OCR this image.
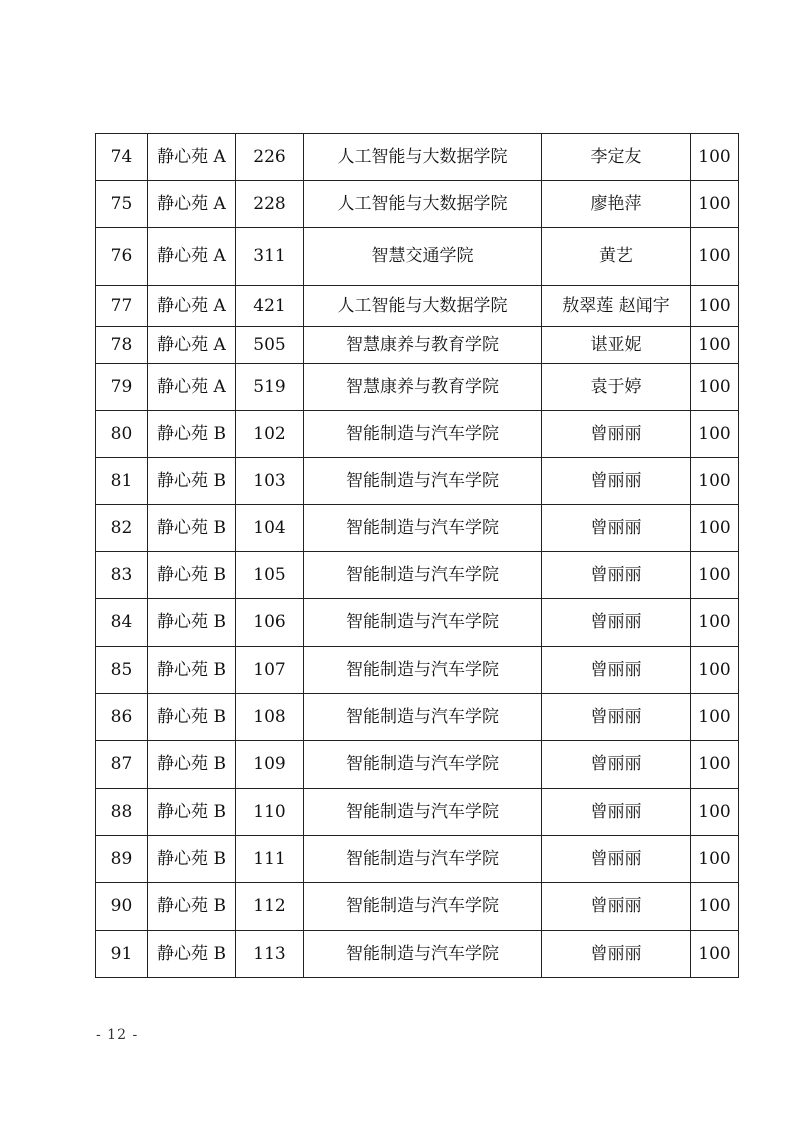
74	静心苑 A	226	人工智能与大数据学院	李定友	100
75	静心苑 A	228	人工智能与大数据学院	廖艳萍	100
76	静心苑 A	311	智慧交通学院	黄艺	100
77	静心苑 A	421	人工智能与大数据学院	敖翠莲 赵闻宇	100
78	静心苑 A	505	智慧康养与教育学院	谌亚妮	100
79	静心苑 A	519	智慧康养与教育学院	袁于婷	100
80	静心苑 B	102	智能制造与汽车学院	曾丽丽	100
81	静心苑 B	103	智能制造与汽车学院	曾丽丽	100
82	静心苑 B	104	智能制造与汽车学院	曾丽丽	100
83	静心苑 B	105	智能制造与汽车学院	曾丽丽	100
84	静心苑 B	106	智能制造与汽车学院	曾丽丽	100
85	静心苑 B	107	智能制造与汽车学院	曾丽丽	100
86	静心苑 B	108	智能制造与汽车学院	曾丽丽	100
87	静心苑 B	109	智能制造与汽车学院	曾丽丽	100
88	静心苑 B	110	智能制造与汽车学院	曾丽丽	100
89	静心苑 B	111	智能制造与汽车学院	曾丽丽	100
90	静心苑 B	112	智能制造与汽车学院	曾丽丽	100
91	静心苑 B	113	智能制造与汽车学院	曾丽丽	100
- 12 -
